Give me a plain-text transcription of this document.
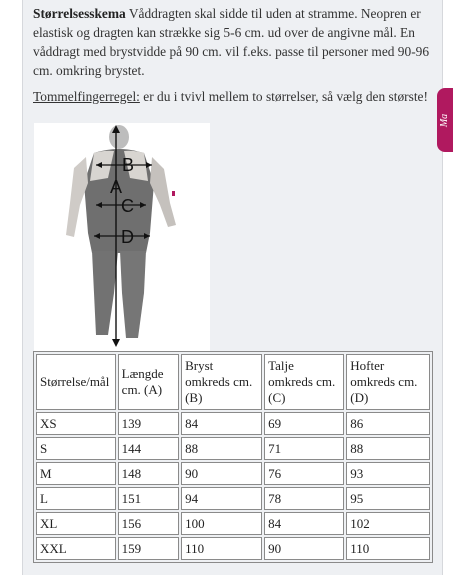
Størrelsesskema Våddragten skal sidde til uden at stramme. Neopren er elastisk og dragten kan strække sig 5-6 cm. ud over de angivne mål. En våddragt med brystvidde på 90 cm. vil f.eks. passe til personer med 90-96 cm. omkring brystet.
Tommelfingerregel: er du i tvivl mellem to størrelser, så vælg den største!
Ma
B
A
C
D
Størrelse/mål	Længde cm. (A)	Bryst omkreds cm. (B)	Talje omkreds cm. (C)	Hofter omkreds cm. (D)
XS	139	84	69	86
S	144	88	71	88
M	148	90	76	93
L	151	94	78	95
XL	156	100	84	102
XXL	159	110	90	110
